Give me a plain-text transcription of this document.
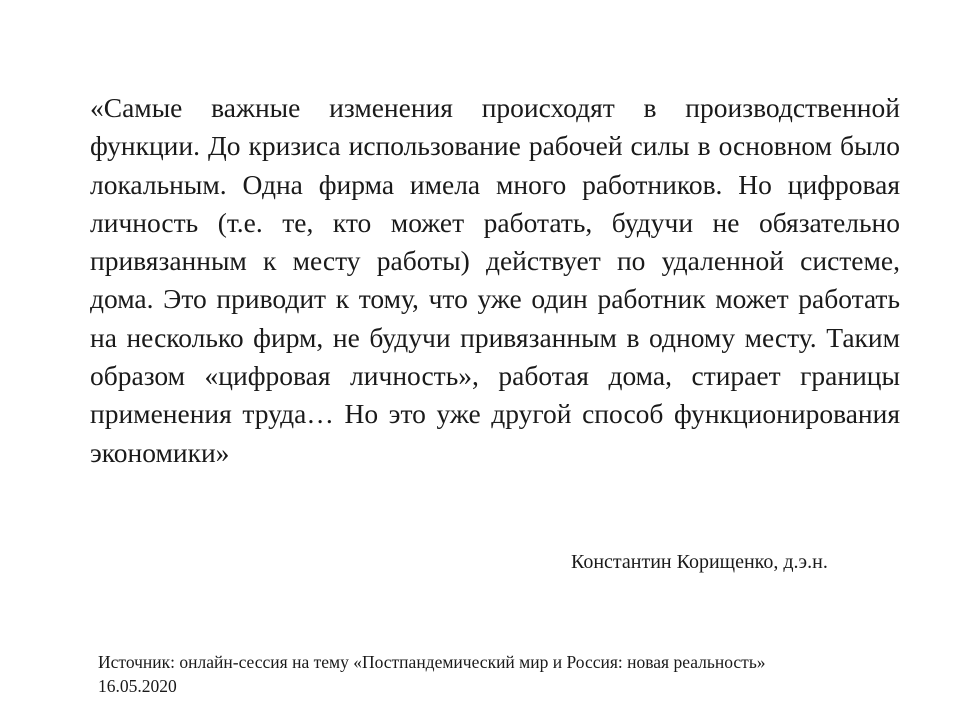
«Самые важные изменения происходят в производственной функции. До кризиса использование рабочей силы в основном было локальным. Одна фирма имела много работников. Но цифровая личность (т.е. те, кто может работать, будучи не обязательно привязанным к месту работы) действует по удаленной системе, дома. Это приводит к тому, что уже один работник может работать на несколько фирм, не будучи привязанным в одному месту. Таким образом «цифровая личность», работая дома, стирает границы применения труда… Но это уже другой способ функционирования экономики»

Константин Корищенко, д.э.н.

Источник: онлайн-сессия на тему «Постпандемический мир и Россия: новая реальность» 16.05.2020
